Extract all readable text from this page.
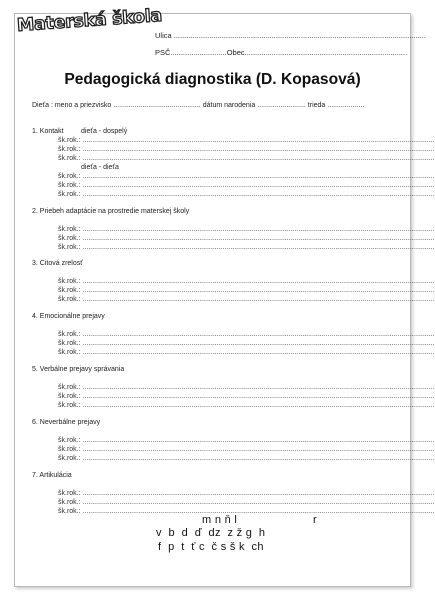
Materská škola
Ulica .........................................................................................................................
PSČ...........................Obec..............................................................................
Pedagogická diagnostika (D. Kopasová)
Dieťa : meno a priezvisko ............................................. dátum narodenia ......................... trieda ...................
1. Kontakt dieťa - dospelý
šk.rok.: .....................................................................................................................................................................................
šk.rok.: .....................................................................................................................................................................................
šk.rok.: .....................................................................................................................................................................................
dieťa - dieťa
šk.rok.: .....................................................................................................................................................................................
šk.rok.: .....................................................................................................................................................................................
šk.rok.: .....................................................................................................................................................................................
2. Priebeh adaptácie na prostredie materskej školy
šk.rok.: .....................................................................................................................................................................................
šk.rok.: .....................................................................................................................................................................................
šk.rok.: .....................................................................................................................................................................................
3. Citová zrelosť
šk.rok.: .....................................................................................................................................................................................
šk.rok.: .....................................................................................................................................................................................
šk.rok.: .....................................................................................................................................................................................
4. Emocionálne prejavy
šk.rok.: .....................................................................................................................................................................................
šk.rok.: .....................................................................................................................................................................................
šk.rok.: .....................................................................................................................................................................................
5. Verbálne prejavy správania
šk.rok.: .....................................................................................................................................................................................
šk.rok.: .....................................................................................................................................................................................
šk.rok.: .....................................................................................................................................................................................
6. Neverbálne prejavy
šk.rok.: .....................................................................................................................................................................................
šk.rok.: .....................................................................................................................................................................................
šk.rok.: .....................................................................................................................................................................................
7. Artikulácia
šk.rok.: .....................................................................................................................................................................................
šk.rok.: .....................................................................................................................................................................................
šk.rok.: .....................................................................................................................................................................................
m n ň l	r
v  b  d  ď  dz  z ž g  h
f  p  t  ť c  č s š k  ch
